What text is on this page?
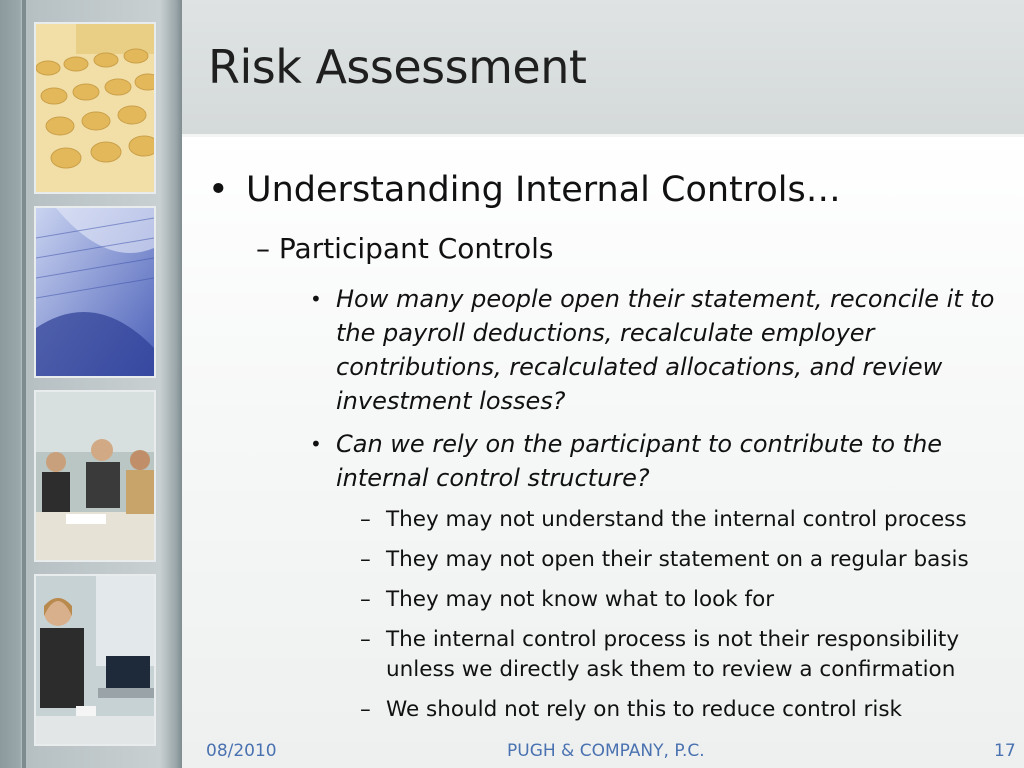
Risk Assessment
• Understanding Internal Controls…
– Participant Controls
• How many people open their statement, reconcile it to the payroll deductions, recalculate employer contributions, recalculated allocations, and review investment losses?
• Can we rely on the participant to contribute to the internal control structure?
– They may not understand the internal control process
– They may not open their statement on a regular basis
– They may not know what to look for
– The internal control process is not their responsibility unless we directly ask them to review a confirmation
– We should not rely on this to reduce control risk
08/2010	PUGH & COMPANY, P.C.	17
